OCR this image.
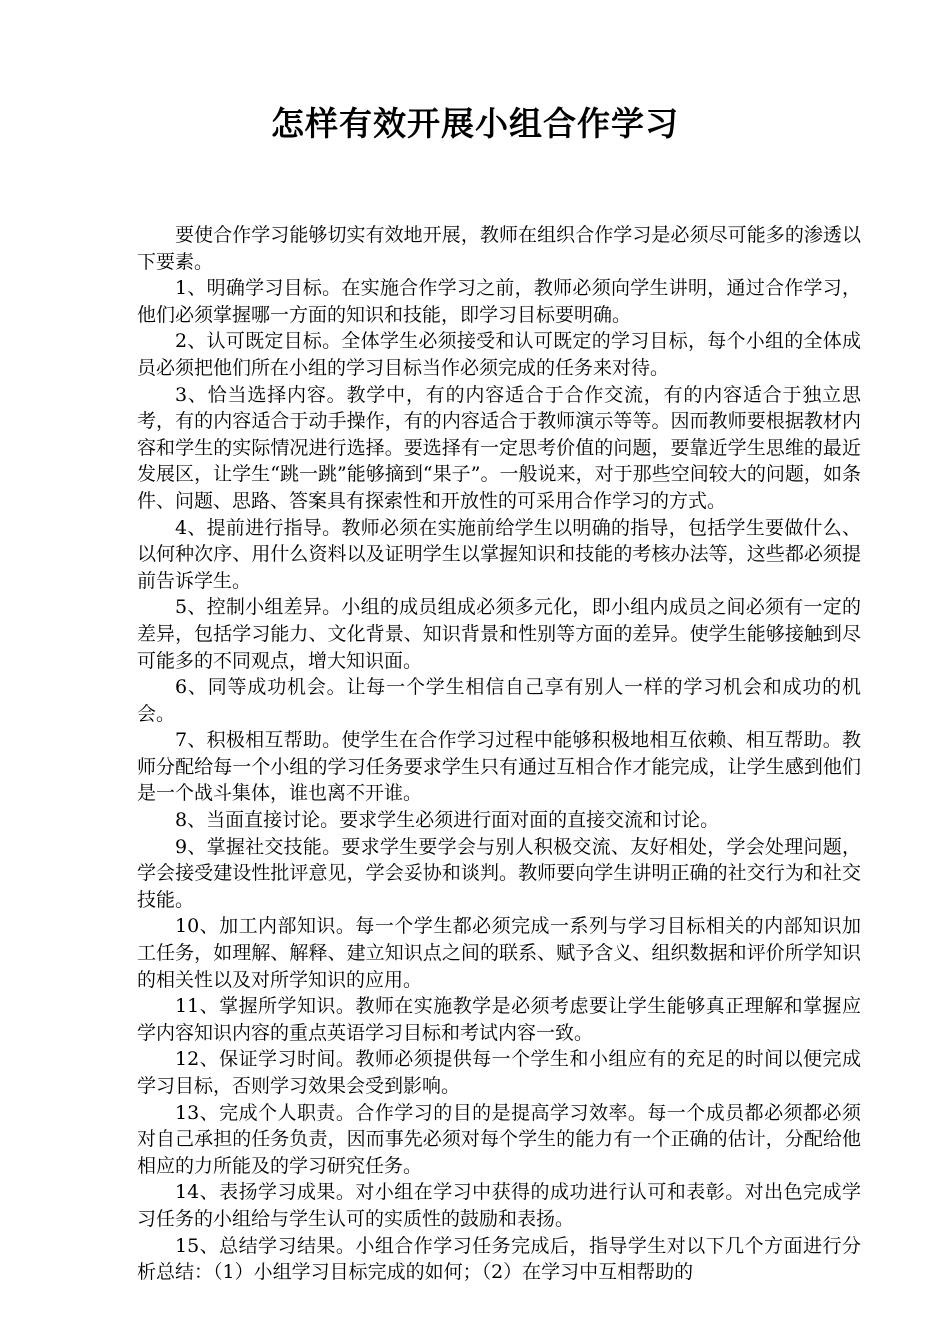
怎样有效开展小组合作学习

要使合作学习能够切实有效地开展，教师在组织合作学习是必须尽可能多的渗透以下要素。

1、明确学习目标。在实施合作学习之前，教师必须向学生讲明，通过合作学习，他们必须掌握哪一方面的知识和技能，即学习目标要明确。

2、认可既定目标。全体学生必须接受和认可既定的学习目标，每个小组的全体成员必须把他们所在小组的学习目标当作必须完成的任务来对待。

3、恰当选择内容。教学中，有的内容适合于合作交流，有的内容适合于独立思考，有的内容适合于动手操作，有的内容适合于教师演示等等。因而教师要根据教材内容和学生的实际情况进行选择。要选择有一定思考价值的问题，要靠近学生思维的最近发展区，让学生“跳一跳”能够摘到“果子”。一般说来，对于那些空间较大的问题，如条件、问题、思路、答案具有探索性和开放性的可采用合作学习的方式。

4、提前进行指导。教师必须在实施前给学生以明确的指导，包括学生要做什么、以何种次序、用什么资料以及证明学生以掌握知识和技能的考核办法等，这些都必须提前告诉学生。

5、控制小组差异。小组的成员组成必须多元化，即小组内成员之间必须有一定的差异，包括学习能力、文化背景、知识背景和性别等方面的差异。使学生能够接触到尽可能多的不同观点，增大知识面。

6、同等成功机会。让每一个学生相信自己享有别人一样的学习机会和成功的机会。

7、积极相互帮助。使学生在合作学习过程中能够积极地相互依赖、相互帮助。教师分配给每一个小组的学习任务要求学生只有通过互相合作才能完成，让学生感到他们是一个战斗集体，谁也离不开谁。

8、当面直接讨论。要求学生必须进行面对面的直接交流和讨论。

9、掌握社交技能。要求学生要学会与别人积极交流、友好相处，学会处理问题，学会接受建设性批评意见，学会妥协和谈判。教师要向学生讲明正确的社交行为和社交技能。

10、加工内部知识。每一个学生都必须完成一系列与学习目标相关的内部知识加工任务，如理解、解释、建立知识点之间的联系、赋予含义、组织数据和评价所学知识的相关性以及对所学知识的应用。

11、掌握所学知识。教师在实施教学是必须考虑要让学生能够真正理解和掌握应学内容知识内容的重点英语学习目标和考试内容一致。

12、保证学习时间。教师必须提供每一个学生和小组应有的充足的时间以便完成学习目标，否则学习效果会受到影响。

13、完成个人职责。合作学习的目的是提高学习效率。每一个成员都必须都必须对自己承担的任务负责，因而事先必须对每个学生的能力有一个正确的估计，分配给他相应的力所能及的学习研究任务。

14、表扬学习成果。对小组在学习中获得的成功进行认可和表彰。对出色完成学习任务的小组给与学生认可的实质性的鼓励和表扬。

15、总结学习结果。小组合作学习任务完成后，指导学生对以下几个方面进行分析总结：（1）小组学习目标完成的如何；（2）在学习中互相帮助的
